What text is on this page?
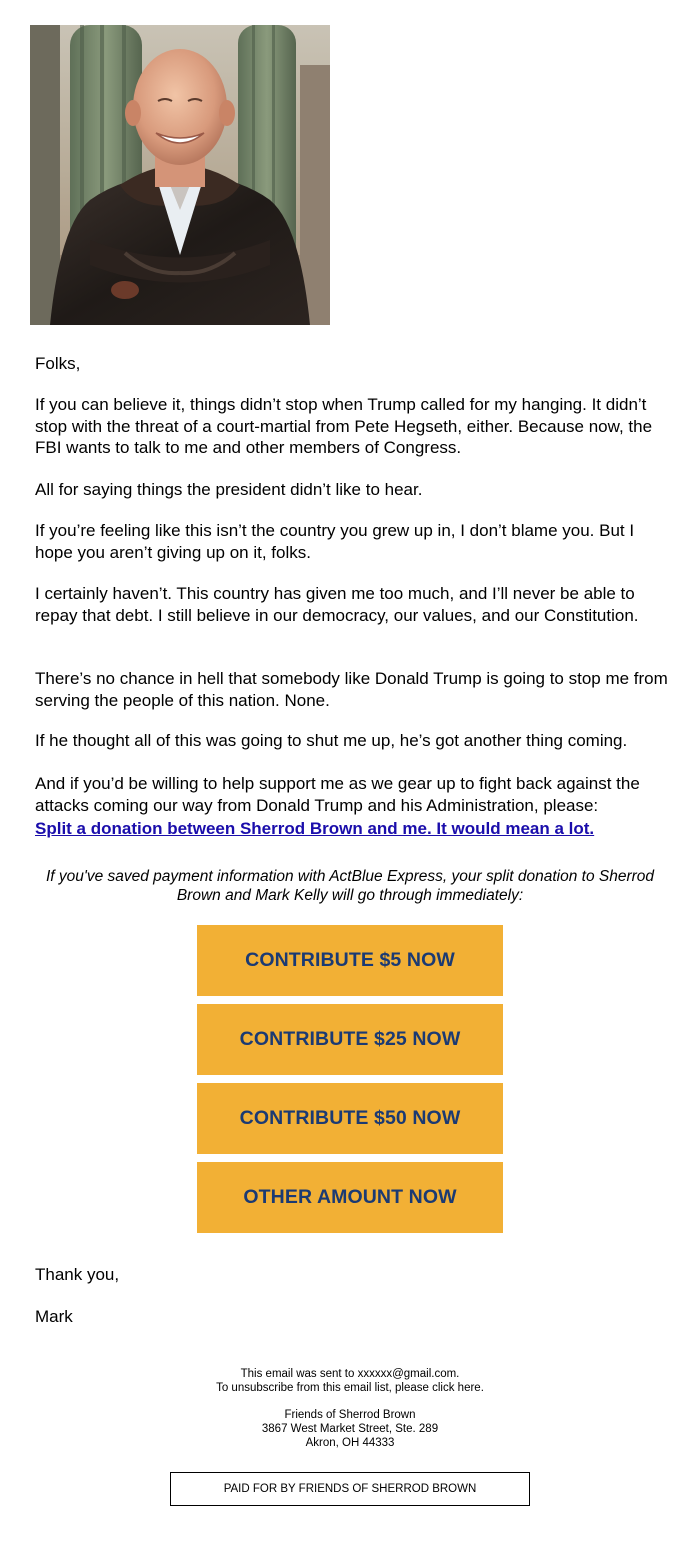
Folks,

If you can believe it, things didn’t stop when Trump called for my hanging. It didn’t stop with the threat of a court-martial from Pete Hegseth, either. Because now, the FBI wants to talk to me and other members of Congress.

All for saying things the president didn’t like to hear.

If you’re feeling like this isn’t the country you grew up in, I don’t blame you. But I hope you aren’t giving up on it, folks.

I certainly haven’t. This country has given me too much, and I’ll never be able to repay that debt. I still believe in our democracy, our values, and our Constitution.

There’s no chance in hell that somebody like Donald Trump is going to stop me from serving the people of this nation. None.

If he thought all of this was going to shut me up, he’s got another thing coming.

And if you’d be willing to help support me as we gear up to fight back against the attacks coming our way from Donald Trump and his Administration, please:

Split a donation between Sherrod Brown and me. It would mean a lot.

If you've saved payment information with ActBlue Express, your split donation to Sherrod Brown and Mark Kelly will go through immediately:

CONTRIBUTE $5 NOW
CONTRIBUTE $25 NOW
CONTRIBUTE $50 NOW
OTHER AMOUNT NOW

Thank you,

Mark

This email was sent to xxxxxx@gmail.com.
To unsubscribe from this email list, please click here.
Friends of Sherrod Brown
3867 West Market Street, Ste. 289
Akron, OH 44333
PAID FOR BY FRIENDS OF SHERROD BROWN
